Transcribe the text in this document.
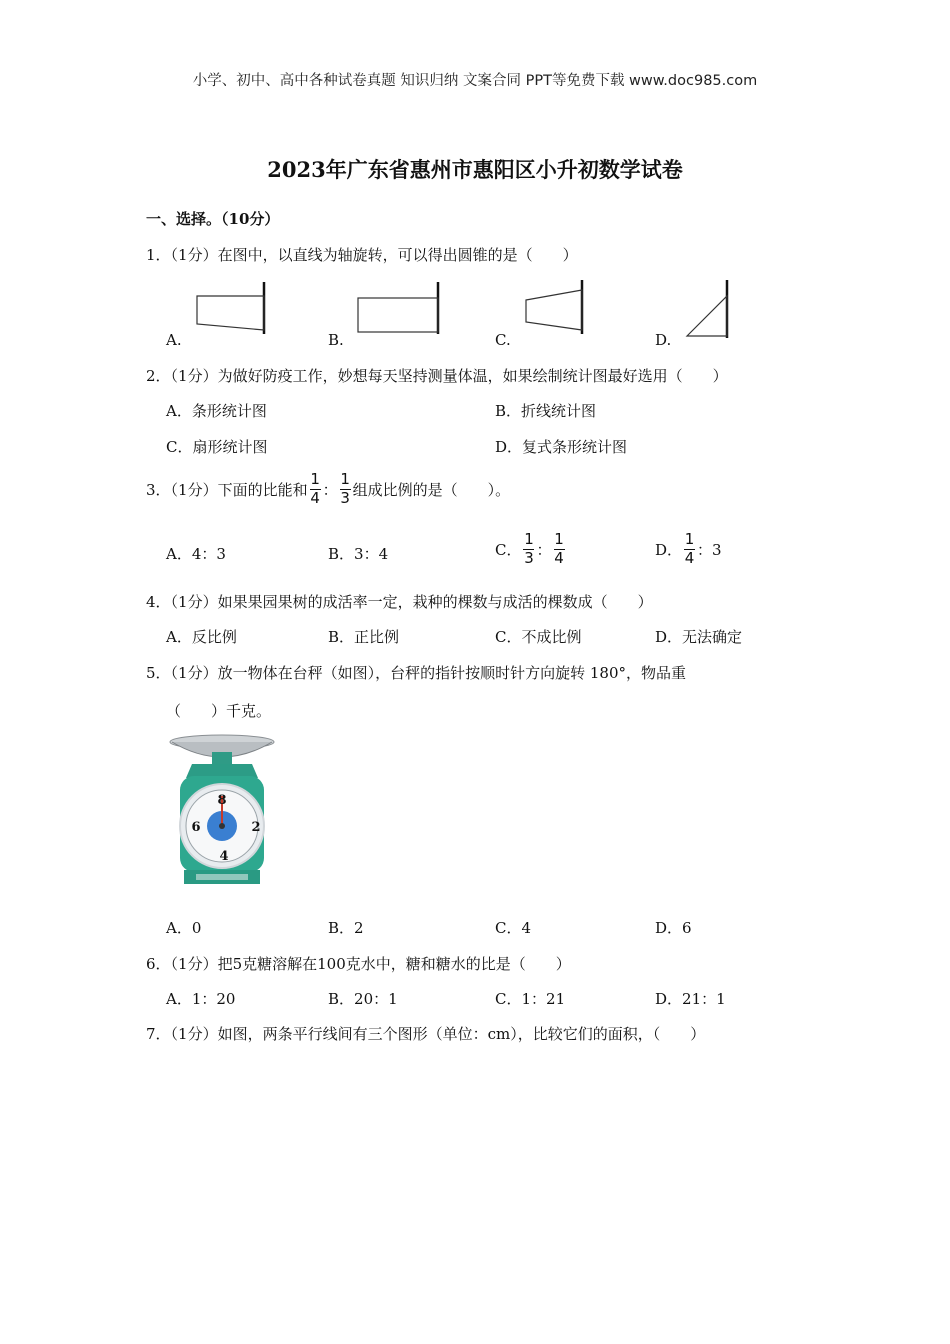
小学、初中、高中各种试卷真题 知识归纳 文案合同 PPT等免费下载 www.doc985.com
2023年广东省惠州市惠阳区小升初数学试卷
一、选择。（10分）
1．（1分）在图中，以直线为轴旋转，可以得出圆锥的是（　　）
A.	B.	C.	D.
2．（1分）为做好防疫工作，妙想每天坚持测量体温，如果绘制统计图最好选用（　　）
A．条形统计图	B．折线统计图
C．扇形统计图	D．复式条形统计图
3．（1分）下面的比能和 $\frac{1}{4}$ ： $\frac{1}{3}$ 组成比例的是（　　）。
A．4：3	B．3：4	C． $\frac{1}{3}$ ： $\frac{1}{4}$	D． $\frac{1}{4}$ ：3
4．（1分）如果果园果树的成活率一定，栽种的棵数与成活的棵数成（　　）
A．反比例	B．正比例	C．不成比例	D．无法确定
5．（1分）放一物体在台秤（如图），台秤的指针按顺时针方向旋转 180°，物品重
（　　）千克。
8
2
4
6
A．0	B．2	C．4	D．6
6．（1分）把5克糖溶解在100克水中，糖和糖水的比是（　　）
A．1：20	B．20：1	C．1：21	D．21：1
7．（1分）如图，两条平行线间有三个图形（单位：cm），比较它们的面积，（　　）
